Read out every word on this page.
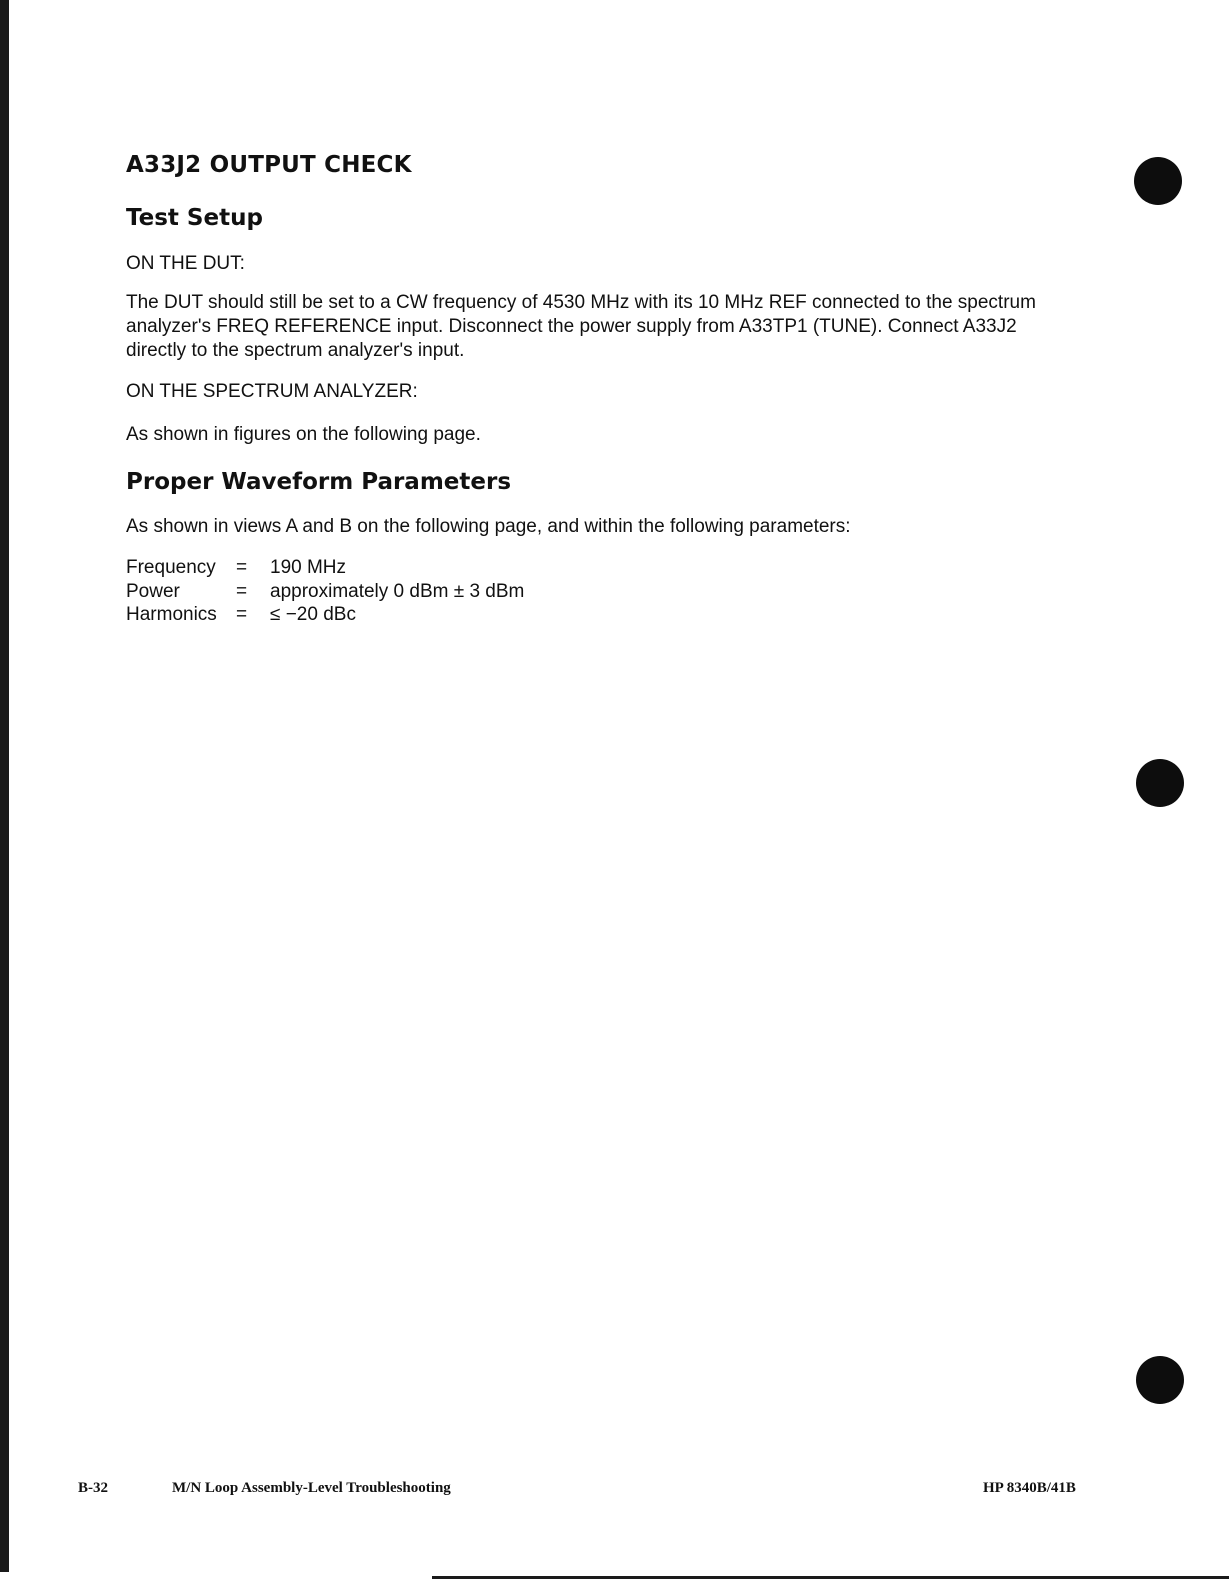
A33J2 OUTPUT CHECK
Test Setup

ON THE DUT:

The DUT should still be set to a CW frequency of 4530 MHz with its 10 MHz REF connected to the spectrum analyzer's FREQ REFERENCE input. Disconnect the power supply from A33TP1 (TUNE). Connect A33J2 directly to the spectrum analyzer's input.

ON THE SPECTRUM ANALYZER:

As shown in figures on the following page.

Proper Waveform Parameters

As shown in views A and B on the following page, and within the following parameters:

Frequency	=	190 MHz
Power	=	approximately 0 dBm ± 3 dBm
Harmonics	=	≤ −20 dBc
B-32	M/N Loop Assembly-Level Troubleshooting	HP 8340B/41B
